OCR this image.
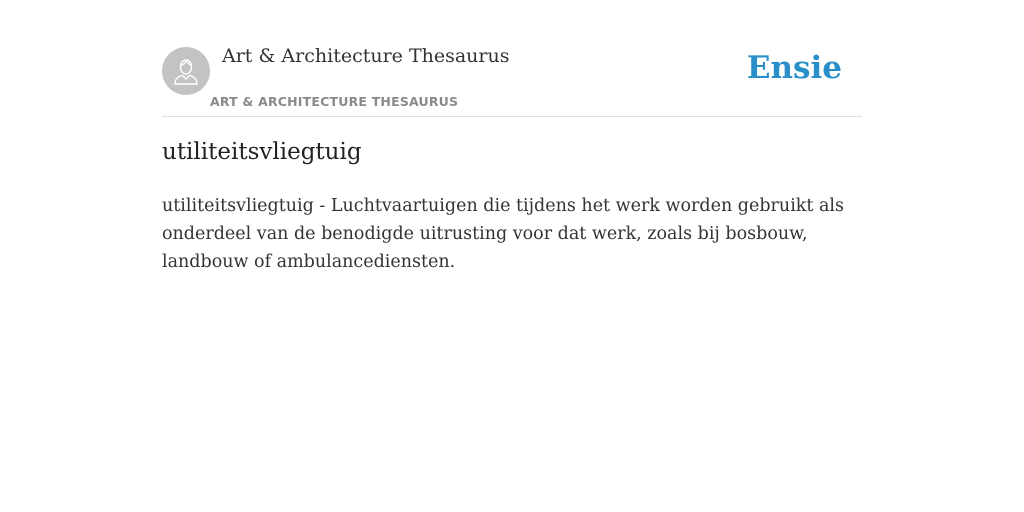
Art & Architecture Thesaurus
ART & ARCHITECTURE THESAURUS
Ensie
utiliteitsvliegtuig

utiliteitsvliegtuig - Luchtvaartuigen die tijdens het werk worden gebruikt als onderdeel van de benodigde uitrusting voor dat werk, zoals bij bosbouw, landbouw of ambulancediensten.
